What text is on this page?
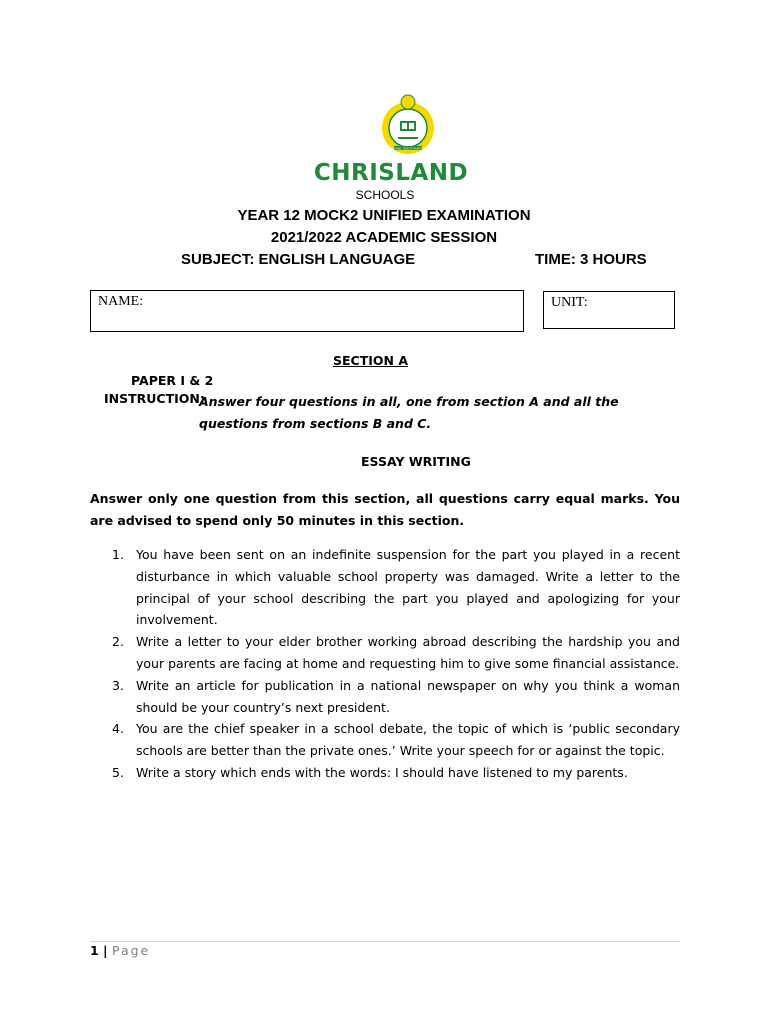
SERVING GOD'S PURPOSE
CHRISLAND
SCHOOLS
YEAR 12 MOCK2 UNIFIED EXAMINATION
2021/2022 ACADEMIC SESSION
SUBJECT: ENGLISH LANGUAGE	TIME: 3 HOURS
NAME:	UNIT:
SECTION A
PAPER I & 2
INSTRUCTION:
Answer four questions in all, one from section A and all the questions from sections B and C.
ESSAY WRITING
Answer only one question from this section, all questions carry equal marks. You are advised to spend only 50 minutes in this section.
1. You have been sent on an indefinite suspension for the part you played in a recent disturbance in which valuable school property was damaged. Write a letter to the principal of your school describing the part you played and apologizing for your involvement.
2. Write a letter to your elder brother working abroad describing the hardship you and your parents are facing at home and requesting him to give some financial assistance.
3. Write an article for publication in a national newspaper on why you think a woman should be your country’s next president.
4. You are the chief speaker in a school debate, the topic of which is ‘public secondary schools are better than the private ones.’ Write your speech for or against the topic.
5. Write a story which ends with the words: I should have listened to my parents.
1 | Page
